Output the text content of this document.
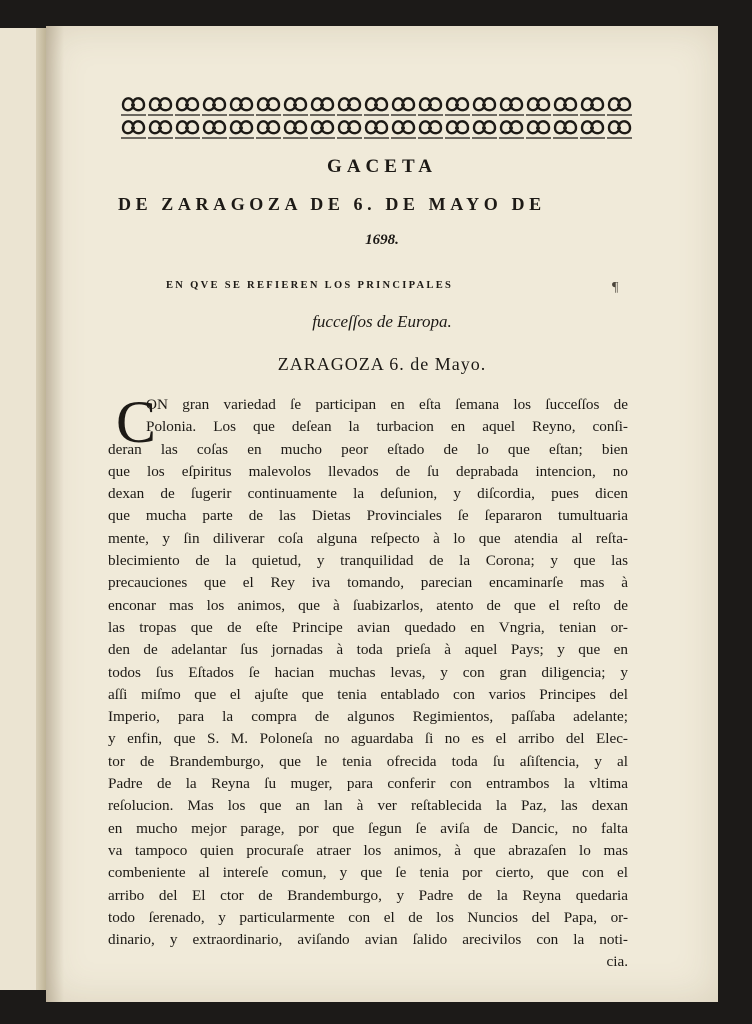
GACETA
DE ZARAGOZA DE 6. DE MAYO DE
1698.
EN QVE SE REFIEREN LOS PRINCIPALES	¶
fucceſſos de Europa.
ZARAGOZA 6. de Mayo.
C
ON gran variedad ſe participan en eſta ſemana los ſucceſſos de
Polonia. Los que deſean la turbacion en aquel Reyno, conſi-
deran las coſas en mucho peor eſtado de lo que eſtan; bien
que los eſpiritus malevolos llevados de ſu deprabada intencion, no
dexan de ſugerir continuamente la deſunion, y diſcordia, pues dicen
que mucha parte de las Dietas Provinciales ſe ſepararon tumultuaria
mente, y ſin diliverar coſa alguna reſpecto à lo que atendia al reſta-
blecimiento de la quietud, y tranquilidad de la Corona; y que las
precauciones que el Rey iva tomando, parecian encaminarſe mas à
enconar mas los animos, que à ſuabizarlos, atento de que el reſto de
las tropas que de eſte Principe avian quedado en Vngria, tenian or-
den de adelantar ſus jornadas à toda prieſa à aquel Pays; y que en
todos ſus Eſtados ſe hacian muchas levas, y con gran diligencia; y
aſſi miſmo que el ajuſte que tenia entablado con varios Principes del
Imperio, para la compra de algunos Regimientos, paſſaba adelante;
y enfin, que S. M. Poloneſa no aguardaba ſi no es el arribo del Elec-
tor de Brandemburgo, que le tenia ofrecida toda ſu aſiſtencia, y al
Padre de la Reyna ſu muger, para conferir con entrambos la vltima
reſolucion. Mas los que an lan à ver reſtablecida la Paz, las dexan
en mucho mejor parage, por que ſegun ſe aviſa de Dancic, no falta
va tampoco quien procuraſe atraer los animos, à que abrazaſen lo mas
combeniente al intereſe comun, y que ſe tenia por cierto, que con el
arribo del El ctor de Brandemburgo, y Padre de la Reyna quedaria
todo ſerenado, y particularmente con el de los Nuncios del Papa, or-
dinario, y extraordinario, aviſando avian ſalido arecivilos con la noti-
cia.
